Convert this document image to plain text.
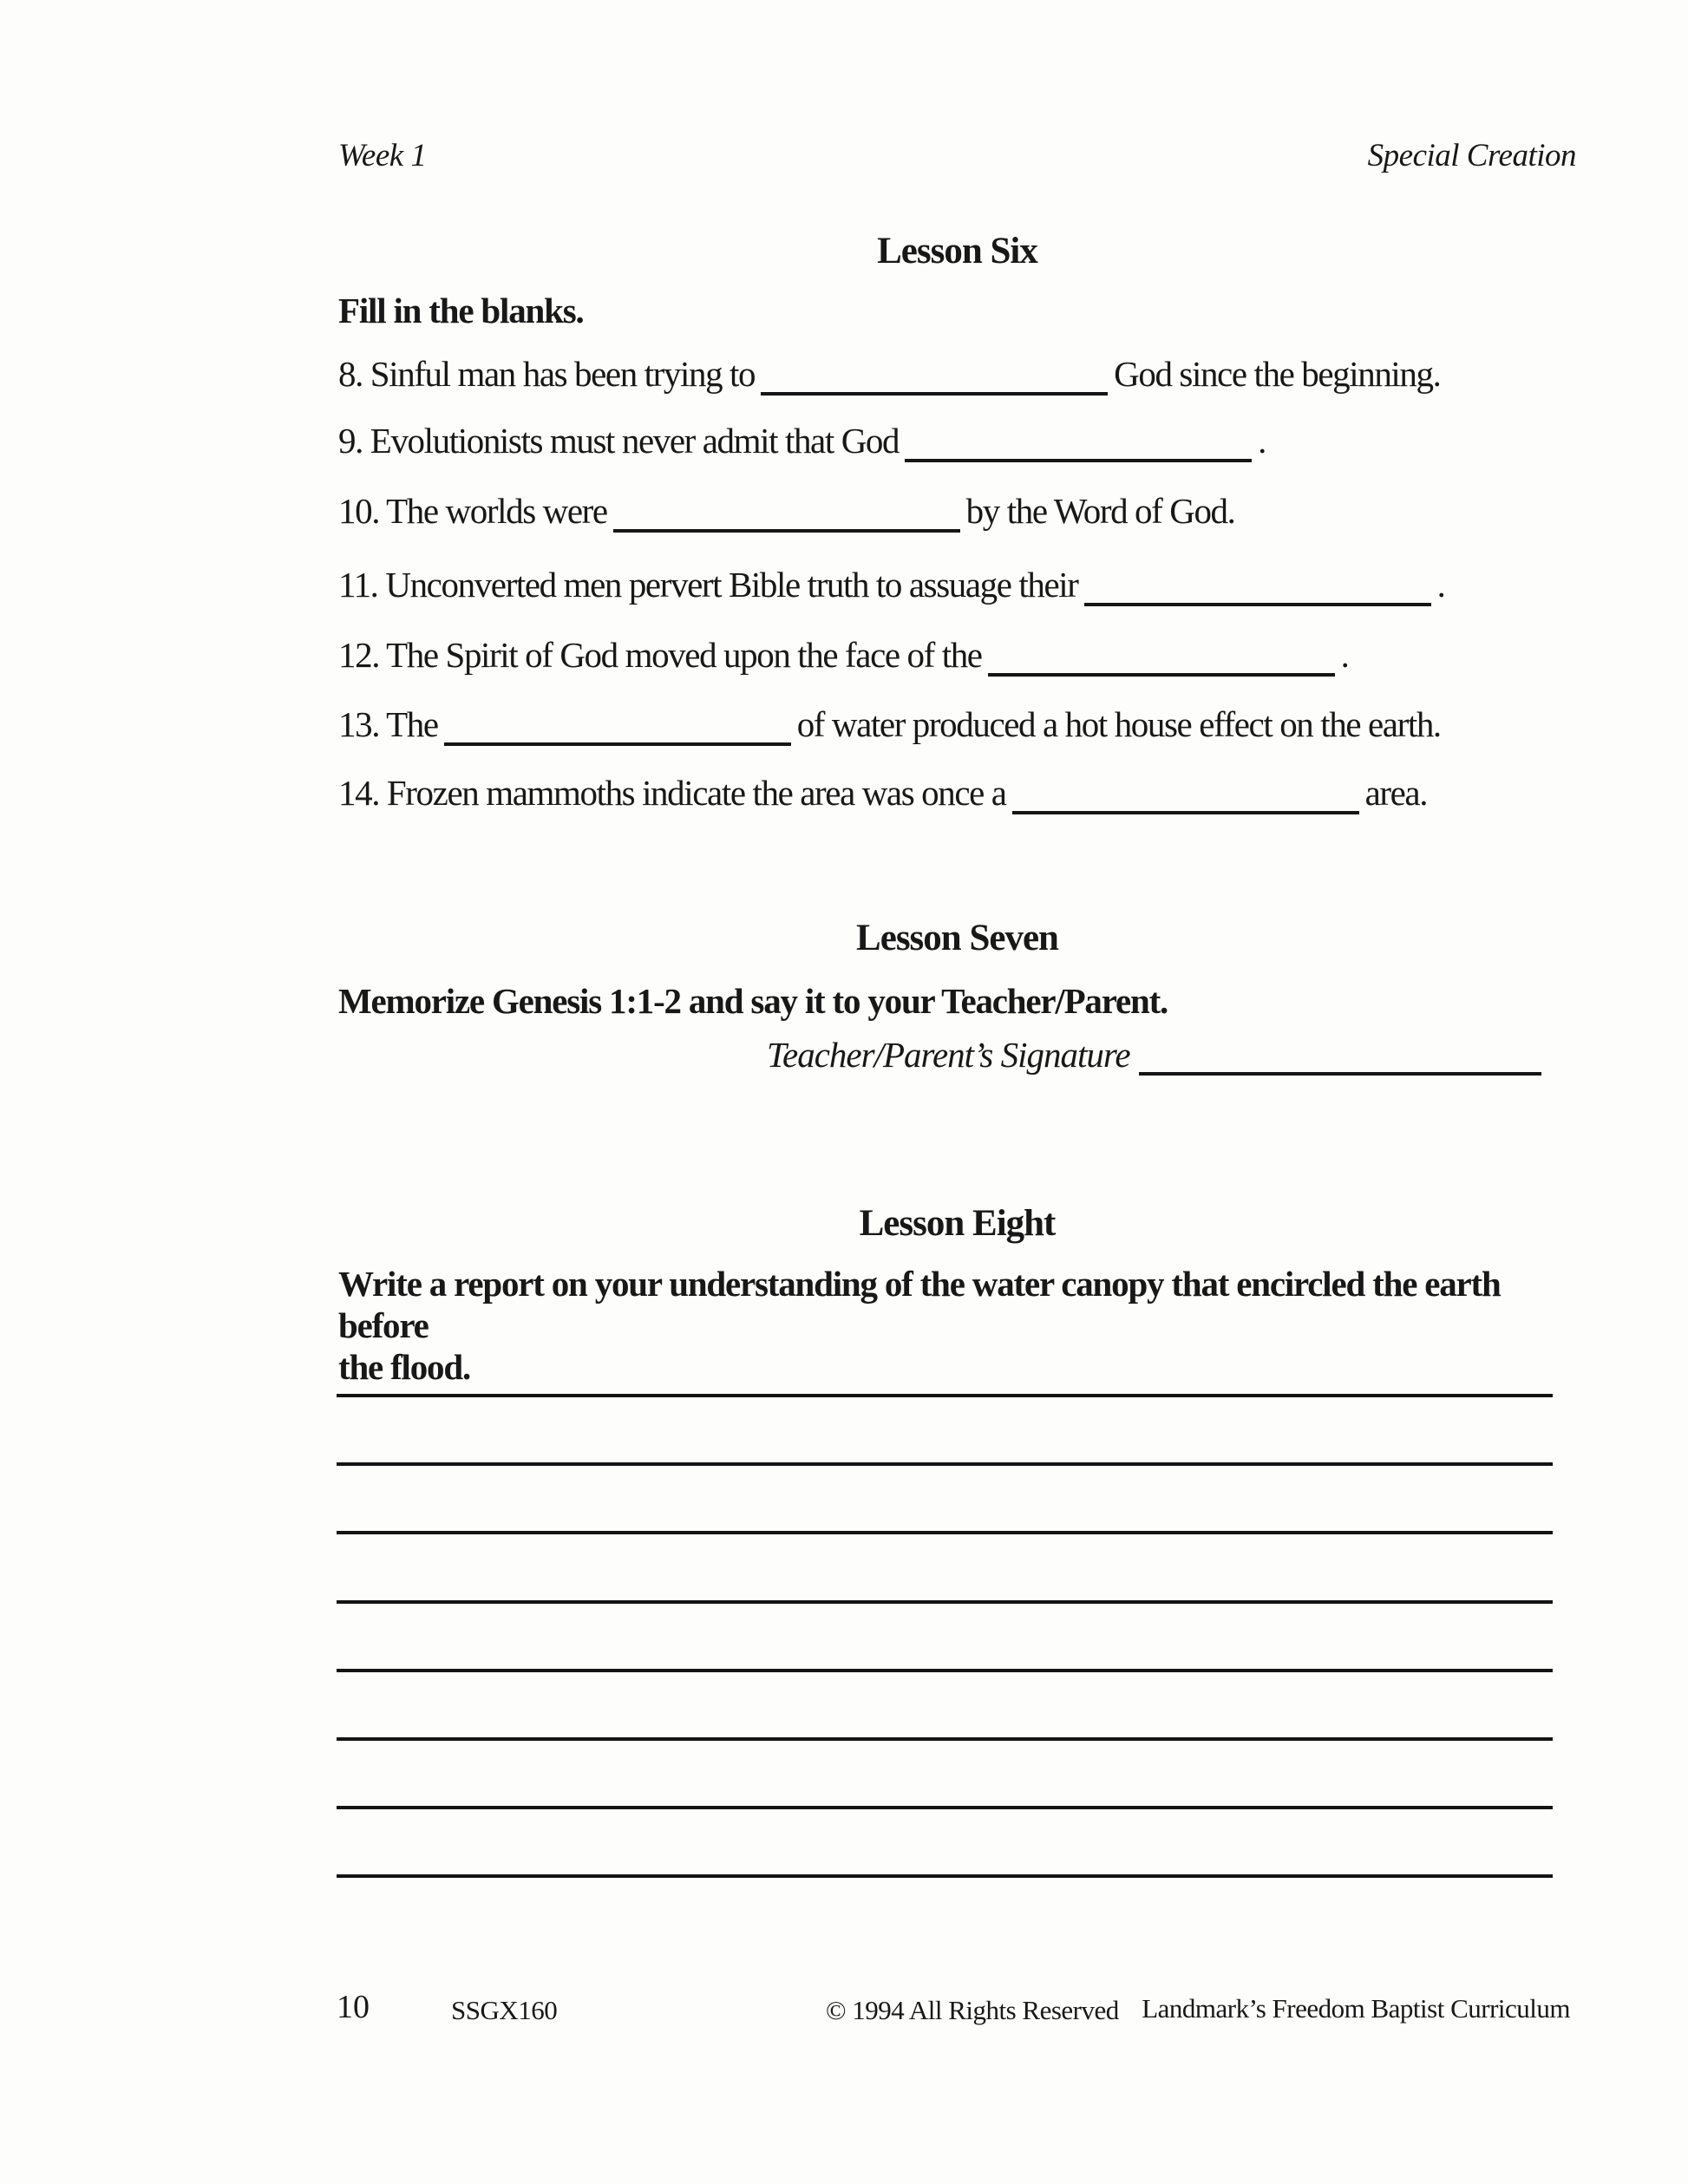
Week 1	Special Creation
Lesson Six
Fill in the blanks.
8. Sinful man has been trying to	God since the beginning.
9. Evolutionists must never admit that God	.
10. The worlds were	by the Word of God.
11. Unconverted men pervert Bible truth to assuage their	.
12. The Spirit of God moved upon the face of the	.
13. The	of water produced a hot house effect on the earth.
14. Frozen mammoths indicate the area was once a	area.
Lesson Seven
Memorize Genesis 1:1-2 and say it to your Teacher/Parent.
Teacher/Parent’s Signature
Lesson Eight
Write a report on your understanding of the water canopy that encircled the earth before
the flood.
10	SSGX160	© 1994 All Rights Reserved Landmark’s Freedom Baptist Curriculum
